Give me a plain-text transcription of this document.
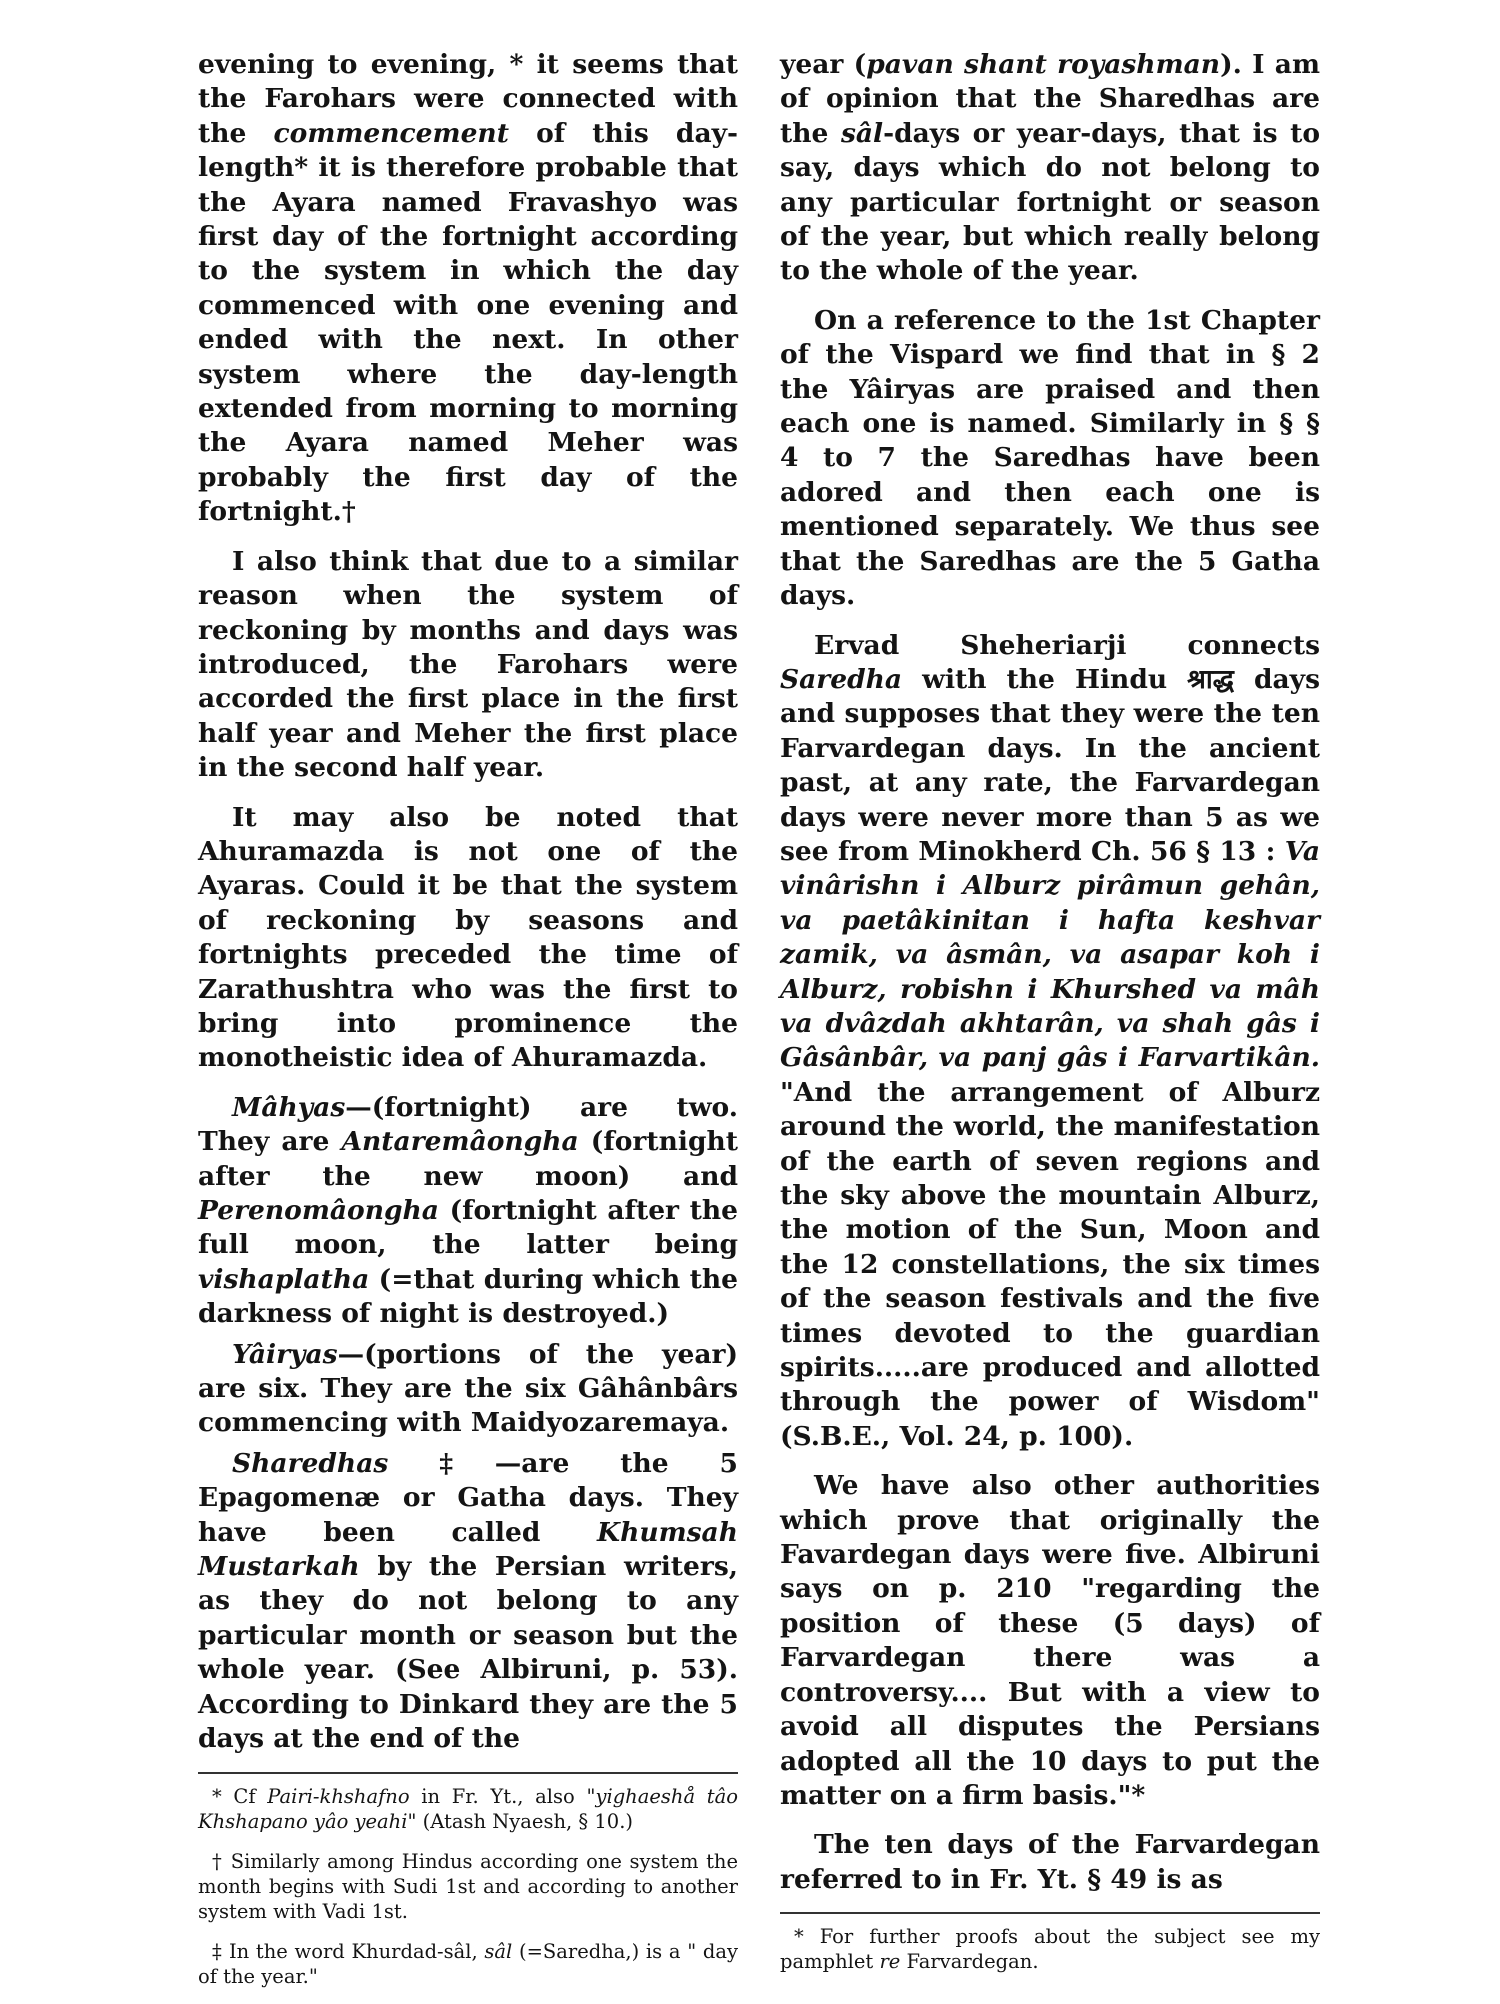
evening to evening, * it seems that the Farohars were connected with the commencement of this day-length* it is therefore probable that the Ayara named Fravashyo was first day of the fortnight according to the system in which the day commenced with one evening and ended with the next. In other system where the day-length extended from morning to morning the Ayara named Meher was probably the first day of the fortnight.†

I also think that due to a similar reason when the system of reckoning by months and days was introduced, the Farohars were accorded the first place in the first half year and Meher the first place in the second half year.

It may also be noted that Ahuramazda is not one of the Ayaras. Could it be that the system of reckoning by seasons and fortnights preceded the time of Zarathushtra who was the first to bring into prominence the monotheistic idea of Ahuramazda.

Mâhyas—(fortnight) are two. They are Antaremâongha (fortnight after the new moon) and Perenomâongha (fortnight after the full moon, the latter being vishaplatha (=that during which the darkness of night is destroyed.)

Yâiryas—(portions of the year) are six. They are the six Gâhânbârs commencing with Maidyozaremaya.

Sharedhas ‡—are the 5 Epagomenæ or Gatha days. They have been called Khumsah Mustarkah by the Persian writers, as they do not belong to any particular month or season but the whole year. (See Albiruni, p. 53). According to Dinkard they are the 5 days at the end of the

* Cf Pairi-khshafno in Fr. Yt., also "yighaeshå tâo Khshapano yâo yeahi" (Atash Nyaesh, § 10.)

† Similarly among Hindus according one system the month begins with Sudi 1st and according to another system with Vadi 1st.

‡ In the word Khurdad-sâl, sâl (=Saredha,) is a " day of the year."

year (pavan shant royashman). I am of opinion that the Sharedhas are the sâl-days or year-days, that is to say, days which do not belong to any particular fortnight or season of the year, but which really belong to the whole of the year.

On a reference to the 1st Chapter of the Vispard we find that in § 2 the Yâiryas are praised and then each one is named. Similarly in § § 4 to 7 the Saredhas have been adored and then each one is mentioned separately. We thus see that the Saredhas are the 5 Gatha days.

Ervad Sheheriarji connects Saredha with the Hindu श्राद्ध days and supposes that they were the ten Farvardegan days. In the ancient past, at any rate, the Farvardegan days were never more than 5 as we see from Minokherd Ch. 56 § 13 : Va vinârishn i Alburz pirâmun gehân, va paetâkinitan i hafta keshvar zamik, va âsmân, va asapar koh i Alburz, robishn i Khurshed va mâh va dvâzdah akhtarân, va shah gâs i Gâsânbâr, va panj gâs i Farvartikân. "And the arrangement of Alburz around the world, the manifestation of the earth of seven regions and the sky above the mountain Alburz, the motion of the Sun, Moon and the 12 constellations, the six times of the season festivals and the five times devoted to the guardian spirits.....are produced and allotted through the power of Wisdom" (S.B.E., Vol. 24, p. 100).

We have also other authorities which prove that originally the Favardegan days were five. Albiruni says on p. 210 "regarding the position of these (5 days) of Farvardegan there was a controversy.... But with a view to avoid all disputes the Persians adopted all the 10 days to put the matter on a firm basis."*

The ten days of the Farvardegan referred to in Fr. Yt. § 49 is as

* For further proofs about the subject see my pamphlet re Farvardegan.
